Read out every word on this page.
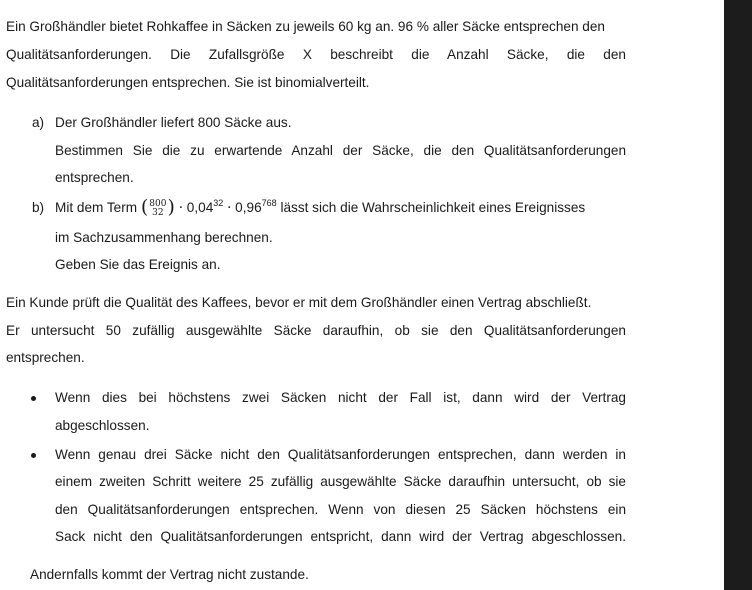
Ein Großhändler bietet Rohkaffee in Säcken zu jeweils 60 kg an. 96 % aller Säcke entsprechen den
Qualitätsanforderungen. Die Zufallsgröße X beschreibt die Anzahl Säcke, die den
Qualitätsanforderungen entsprechen. Sie ist binomialverteilt.
a) Der Großhändler liefert 800 Säcke aus.
Bestimmen Sie die zu erwartende Anzahl der Säcke, die den Qualitätsanforderungen
entsprechen.
b) Mit dem Term ( 800
32 ) · $0,04^{32} \cdot 0,96^{768}$ lässt sich die Wahrscheinlichkeit eines Ereignisses
im Sachzusammenhang berechnen.
Geben Sie das Ereignis an.
Ein Kunde prüft die Qualität des Kaffees, bevor er mit dem Großhändler einen Vertrag abschließt.
Er untersucht 50 zufällig ausgewählte Säcke daraufhin, ob sie den Qualitätsanforderungen
entsprechen.
Wenn dies bei höchstens zwei Säcken nicht der Fall ist, dann wird der Vertrag
abgeschlossen.
Wenn genau drei Säcke nicht den Qualitätsanforderungen entsprechen, dann werden in
einem zweiten Schritt weitere 25 zufällig ausgewählte Säcke daraufhin untersucht, ob sie
den Qualitätsanforderungen entsprechen. Wenn von diesen 25 Säcken höchstens ein
Sack nicht den Qualitätsanforderungen entspricht, dann wird der Vertrag abgeschlossen.
Andernfalls kommt der Vertrag nicht zustande.
